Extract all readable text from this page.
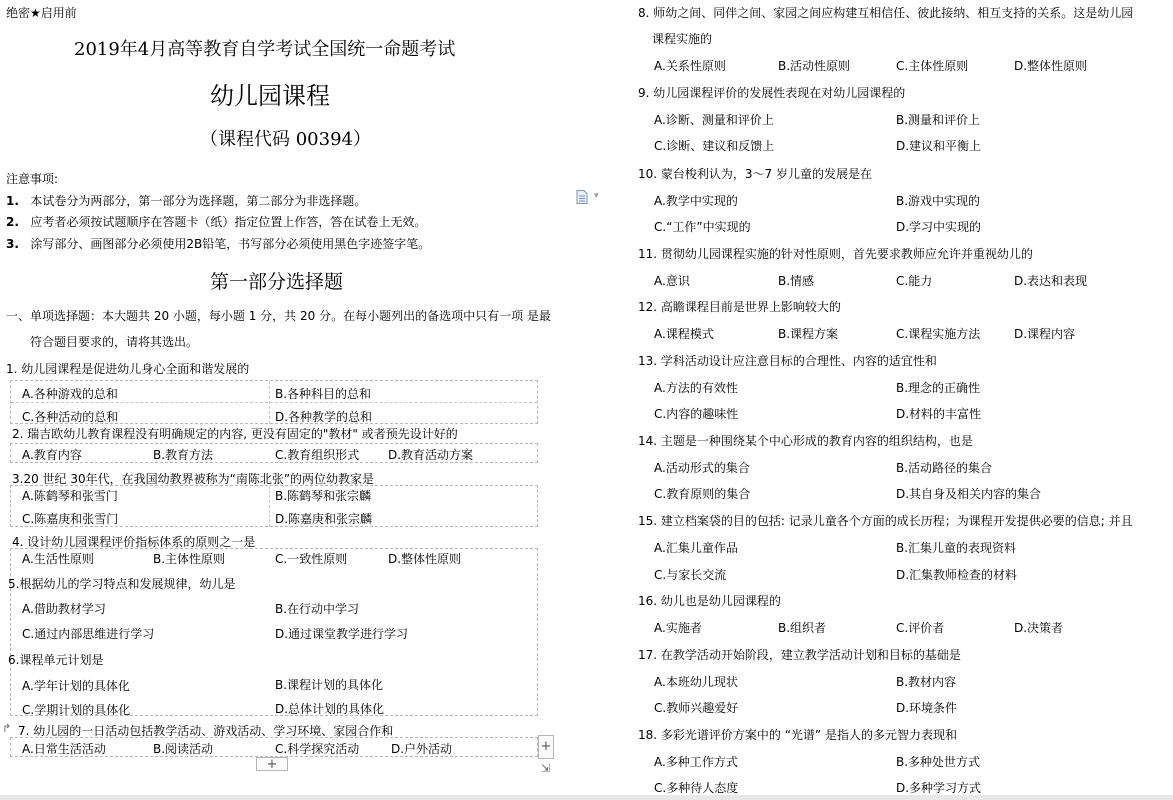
绝密★启用前
2019年4月高等教育自学考试全国统一命题考试
幼儿园课程
（课程代码 00394）
注意事项:
1. 本试卷分为两部分，第一部分为选择题，第二部分为非选择题。
2. 应考者必须按试题顺序在答题卡（纸）指定位置上作答，答在试卷上无效。
3. 涂写部分、画图部分必须使用2B铅笔，书写部分必须使用黑色字迹签字笔。
第一部分选择题
一、单项选择题：本大题共 20 小题，每小题 1 分，共 20 分。在每小题列出的备选项中只有一项 是最
符合题目要求的，请将其选出。
1. 幼儿园课程是促进幼儿身心全面和谐发展的
A.各种游戏的总和	B.各种科目的总和
C.各种活动的总和	D.各种教学的总和
2. 瑞吉欧幼儿教育课程没有明确规定的内容, 更没有固定的"教材" 或者预先设计好的
A.教育内容	B.教育方法	C.教育组织形式 D.教育活动方案
3.20 世纪 30年代，在我国幼教界被称为“南陈北张”的两位幼教家是
A.陈鹤琴和张雪门	B.陈鹤琴和张宗麟
C.陈嘉庚和张雪门	D.陈嘉庚和张宗麟
4. 设计幼儿园课程评价指标体系的原则之一是
A.生活性原则	B.主体性原则	C.一致性原则	D.整体性原则
5.根据幼儿的学习特点和发展规律，幼儿是
A.借助教材学习	B.在行动中学习
C.通过内部思维进行学习	D.通过课堂教学进行学习
6.课程单元计划是
A.学年计划的具体化	B.课程计划的具体化
C.学期计划的具体化	D.总体计划的具体化
↱ 7. 幼儿园的一日活动包括教学活动、游戏活动、学习环境、家园合作和
A.日常生活活动	B.阅读活动	C.科学探究活动	D.户外活动	+
+	⇲
▾
8. 师幼之间、同伴之间、家园之间应构建互相信任、彼此接纳、相互支持的关系。这是幼儿园
课程实施的
A.关系性原则	B.活动性原则	C.主体性原则	D.整体性原则
9. 幼儿园课程评价的发展性表现在对幼儿园课程的
A.诊断、测量和评价上	B.测量和评价上
C.诊断、建议和反馈上	D.建议和平衡上
10. 蒙台梭利认为，3～7 岁儿童的发展是在
A.教学中实现的	B.游戏中实现的
C.“工作”中实现的	D.学习中实现的
11. 贯彻幼儿园课程实施的针对性原则，首先要求教师应允许并重视幼儿的
A.意识	B.情感	C.能力	D.表达和表现
12. 高瞻课程目前是世界上影响较大的
A.课程模式	B.课程方案	C.课程实施方法	D.课程内容
13. 学科活动设计应注意目标的合理性、内容的适宜性和
A.方法的有效性	B.理念的正确性
C.内容的趣味性	D.材料的丰富性
14. 主题是一种围绕某个中心形成的教育内容的组织结构，也是
A.活动形式的集合	B.活动路径的集合
C.教育原则的集合	D.其自身及相关内容的集合
15. 建立档案袋的目的包括: 记录儿童各个方面的成长历程；为课程开发提供必要的信息; 并且
A.汇集儿童作品	B.汇集儿童的表现资料
C.与家长交流	D.汇集教师检查的材料
16. 幼儿也是幼儿园课程的
A.实施者	B.组织者	C.评价者	D.决策者
17. 在教学活动开始阶段，建立教学活动计划和目标的基础是
A.本班幼儿现状	B.教材内容
C.教师兴趣爱好	D.环境条件
18. 多彩光谱评价方案中的 “光谱” 是指人的多元智力表现和
A.多种工作方式	B.多种处世方式
C.多种待人态度	D.多种学习方式
